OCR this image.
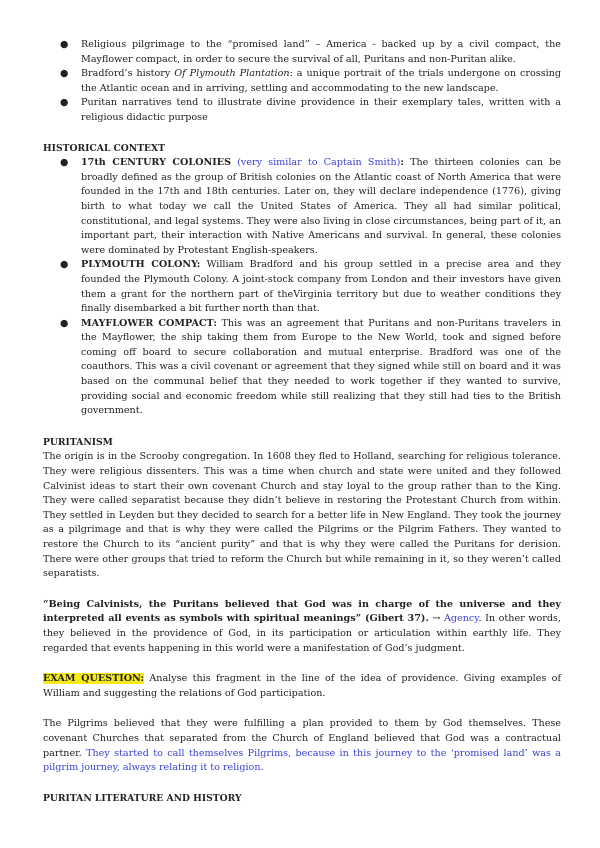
● Religious pilgrimage to the “promised land” – America - backed up by a civil compact, the Mayflower compact, in order to secure the survival of all, Puritans and non-Puritan alike.
● Bradford’s history Of Plymouth Plantation: a unique portrait of the trials undergone on crossing the Atlantic ocean and in arriving, settling and accommodating to the new landscape.
● Puritan narratives tend to illustrate divine providence in their exemplary tales, written with a religious didactic purpose

HISTORICAL CONTEXT

● 17th CENTURY COLONIES (very similar to Captain Smith): The thirteen colonies can be broadly defined as the group of British colonies on the Atlantic coast of North America that were founded in the 17th and 18th centuries. Later on, they will declare independence (1776), giving birth to what today we call the United States of America. They all had similar political, constitutional, and legal systems. They were also living in close circumstances, being part of it, an important part, their interaction with Native Americans and survival. In general, these colonies were dominated by Protestant English-speakers.
● PLYMOUTH COLONY: William Bradford and his group settled in a precise area and they founded the Plymouth Colony. A joint-stock company from London and their investors have given them a grant for the northern part of theVirginia territory but due to weather conditions they finally disembarked a bit further north than that.
● MAYFLOWER COMPACT: This was an agreement that Puritans and non-Puritans travelers in the Mayflower, the ship taking them from Europe to the New World, took and signed before coming off board to secure collaboration and mutual enterprise. Bradford was one of the coauthors. This was a civil covenant or agreement that they signed while still on board and it was based on the communal belief that they needed to work together if they wanted to survive, providing social and economic freedom while still realizing that they still had ties to the British government.

PURITANISM

The origin is in the Scrooby congregation. In 1608 they fled to Holland, searching for religious tolerance. They were religious dissenters. This was a time when church and state were united and they followed Calvinist ideas to start their own covenant Church and stay loyal to the group rather than to the King. They were called separatist because they didn’t believe in restoring the Protestant Church from within. They settled in Leyden but they decided to search for a better life in New England. They took the journey as a pilgrimage and that is why they were called the Pilgrims or the Pilgrim Fathers. They wanted to restore the Church to its “ancient purity” and that is why they were called the Puritans for derision. There were other groups that tried to reform the Church but while remaining in it, so they weren’t called separatists.

“Being Calvinists, the Puritans believed that God was in charge of the universe and they interpreted all events as symbols with spiritual meanings” (Gibert 37). → Agency. In other words, they believed in the providence of God, in its participation or articulation within earthly life. They regarded that events happening in this world were a manifestation of God’s judgment.

EXAM QUESTION: Analyse this fragment in the line of the idea of providence. Giving examples of William and suggesting the relations of God participation.

The Pilgrims believed that they were fulfilling a plan provided to them by God themselves. These covenant Churches that separated from the Church of England believed that God was a contractual partner. They started to call themselves Pilgrims, because in this journey to the ‘promised land’ was a pilgrim journey, always relating it to religion.

PURITAN LITERATURE AND HISTORY
